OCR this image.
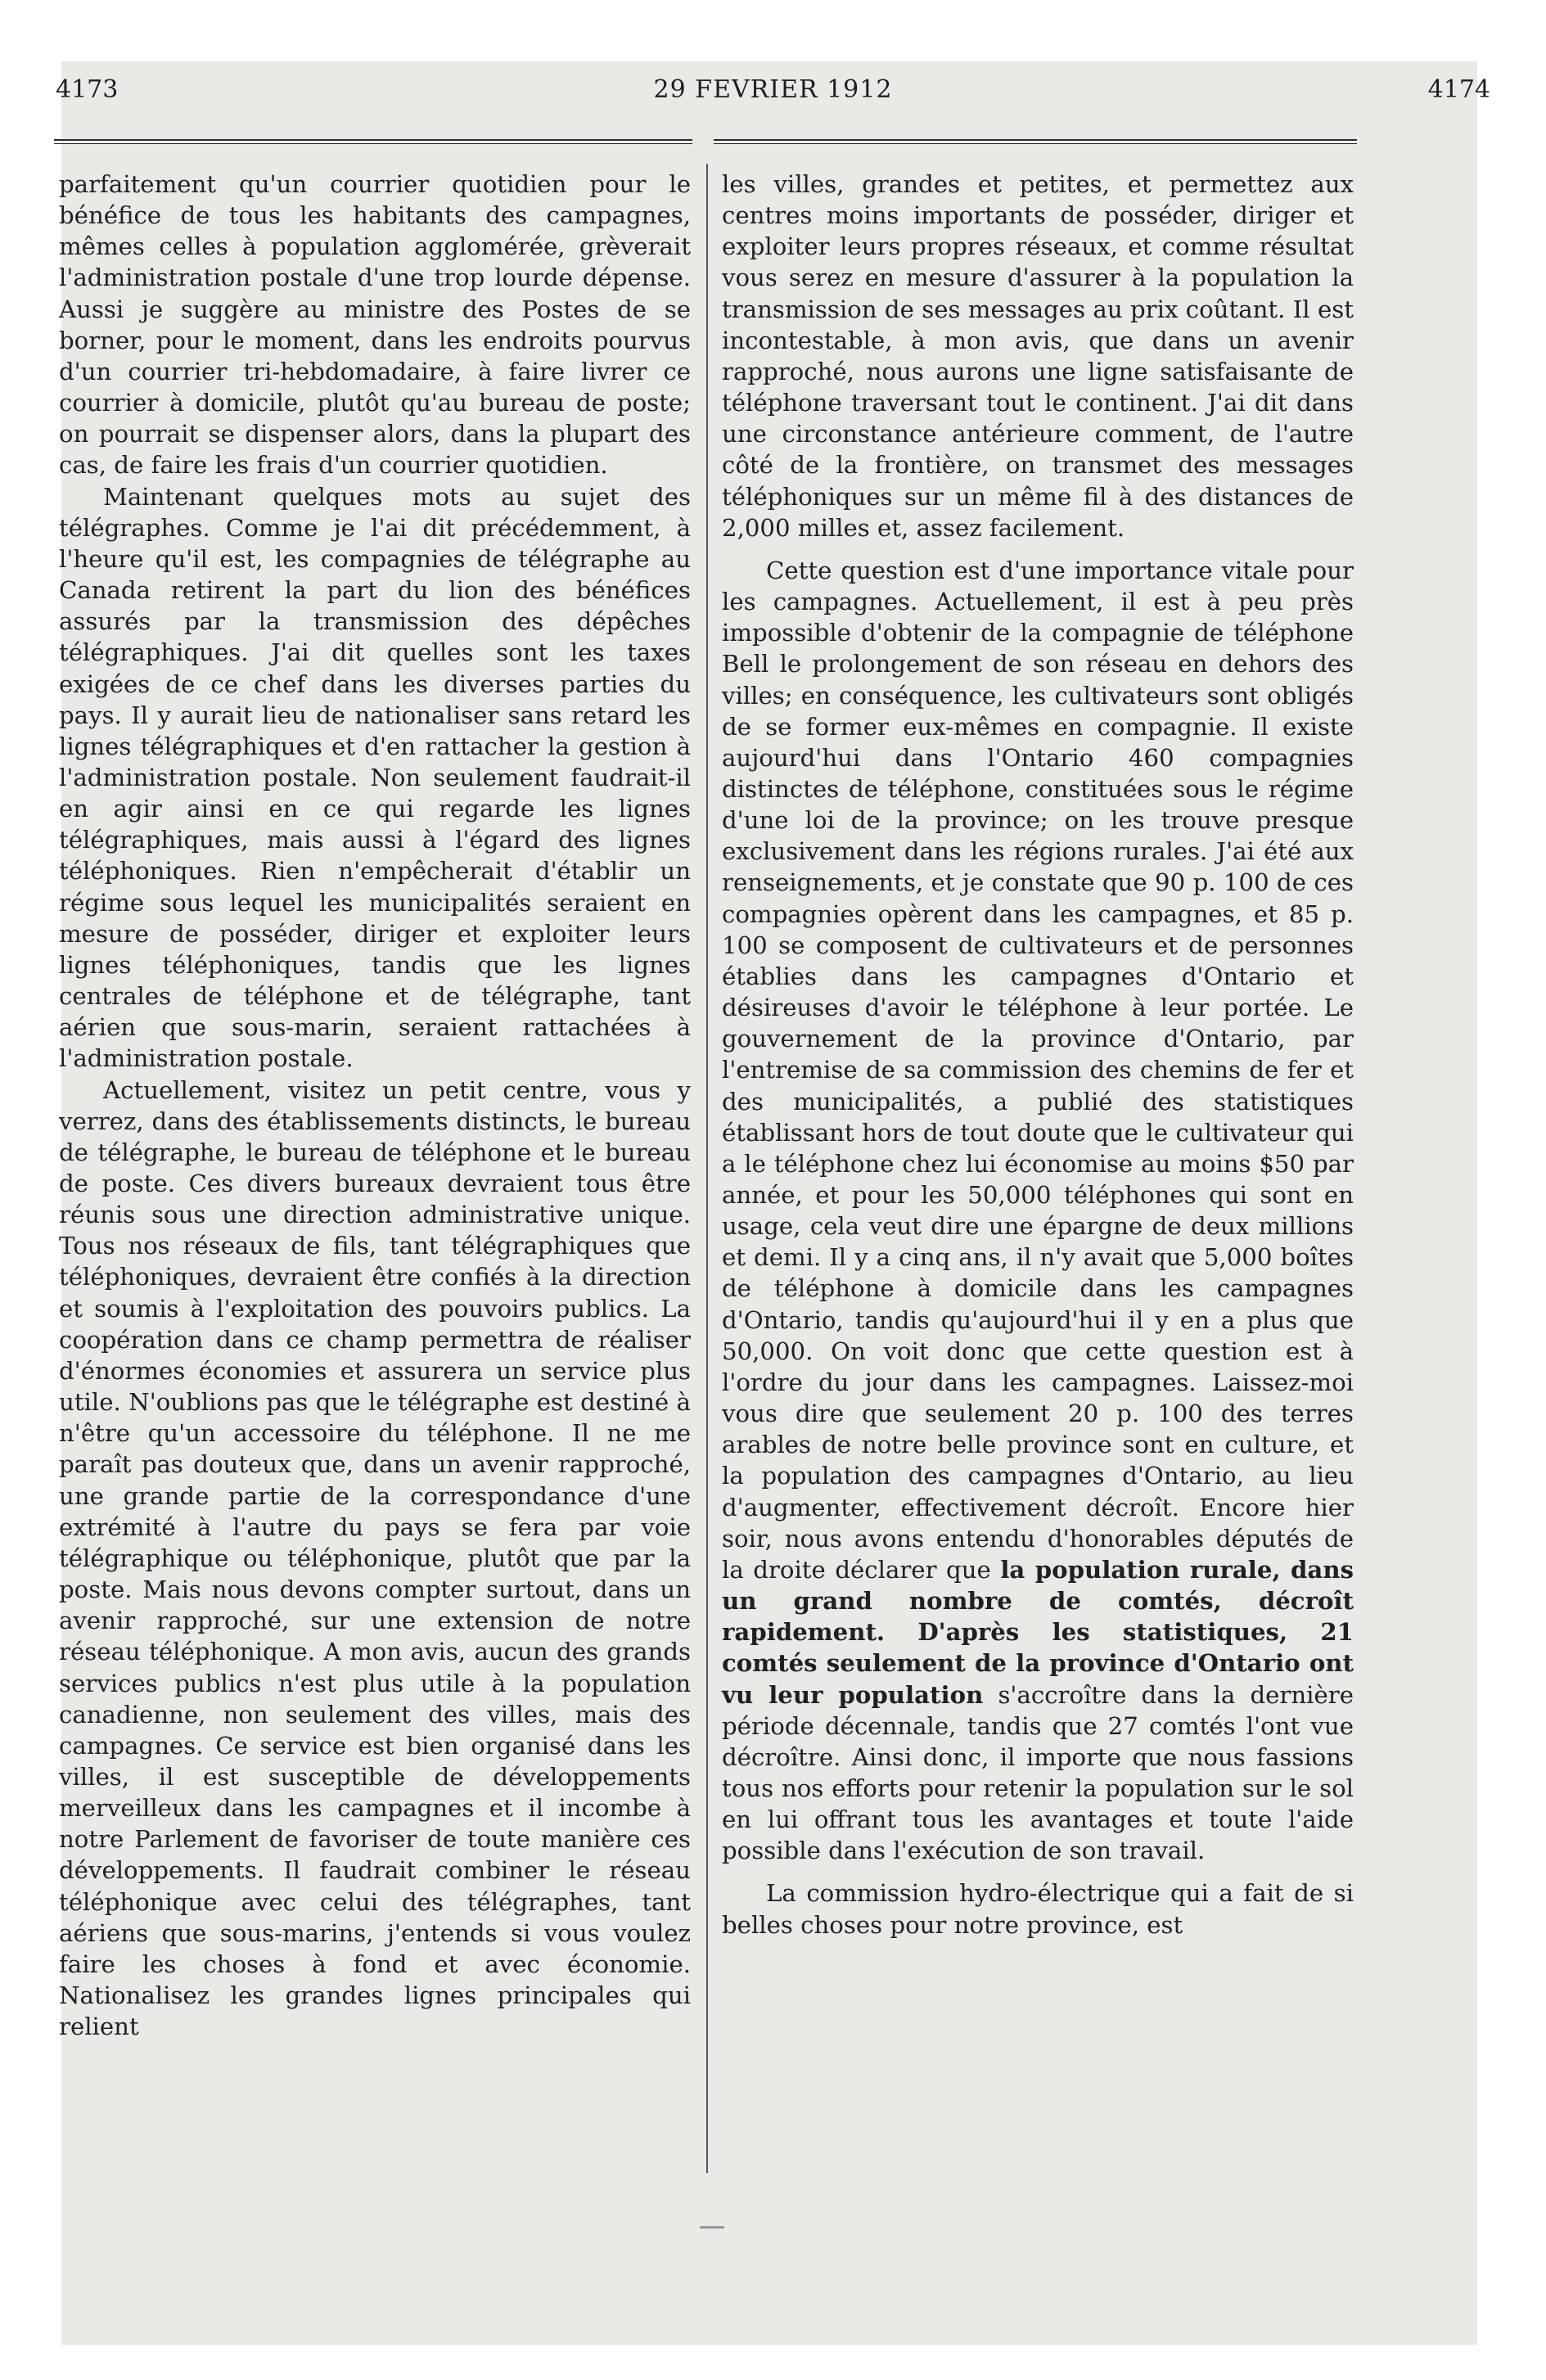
29 FEVRIER 1912
4173	4174

parfaitement qu'un courrier quotidien pour le bénéfice de tous les habitants des campagnes, mêmes celles à population agglomérée, grèverait l'administration postale d'une trop lourde dépense. Aussi je suggère au ministre des Postes de se borner, pour le moment, dans les endroits pourvus d'un courrier tri-hebdomadaire, à faire livrer ce courrier à domicile, plutôt qu'au bureau de poste; on pourrait se dispenser alors, dans la plupart des cas, de faire les frais d'un courrier quotidien.

Maintenant quelques mots au sujet des télégraphes. Comme je l'ai dit précédemment, à l'heure qu'il est, les compagnies de télégraphe au Canada retirent la part du lion des bénéfices assurés par la transmission des dépêches télégraphiques. J'ai dit quelles sont les taxes exigées de ce chef dans les diverses parties du pays. Il y aurait lieu de nationaliser sans retard les lignes télégraphiques et d'en rattacher la gestion à l'administration postale. Non seulement faudrait-il en agir ainsi en ce qui regarde les lignes télégraphiques, mais aussi à l'égard des lignes téléphoniques. Rien n'empêcherait d'établir un régime sous lequel les municipalités seraient en mesure de posséder, diriger et exploiter leurs lignes téléphoniques, tandis que les lignes centrales de téléphone et de télégraphe, tant aérien que sous-marin, seraient rattachées à l'administration postale.

Actuellement, visitez un petit centre, vous y verrez, dans des établissements distincts, le bureau de télégraphe, le bureau de téléphone et le bureau de poste. Ces divers bureaux devraient tous être réunis sous une direction administrative unique. Tous nos réseaux de fils, tant télégraphiques que téléphoniques, devraient être confiés à la direction et soumis à l'exploitation des pouvoirs publics. La coopération dans ce champ permettra de réaliser d'énormes économies et assurera un service plus utile. N'oublions pas que le télégraphe est destiné à n'être qu'un accessoire du téléphone. Il ne me paraît pas douteux que, dans un avenir rapproché, une grande partie de la correspondance d'une extrémité à l'autre du pays se fera par voie télégraphique ou téléphonique, plutôt que par la poste. Mais nous devons compter surtout, dans un avenir rapproché, sur une extension de notre réseau téléphonique. A mon avis, aucun des grands services publics n'est plus utile à la population canadienne, non seulement des villes, mais des campagnes. Ce service est bien organisé dans les villes, il est susceptible de développements merveilleux dans les campagnes et il incombe à notre Parlement de favoriser de toute manière ces développements. Il faudrait combiner le réseau téléphonique avec celui des télégraphes, tant aériens que sous-marins, j'entends si vous voulez faire les choses à fond et avec économie. Nationalisez les grandes lignes principales qui relient

les villes, grandes et petites, et permettez aux centres moins importants de posséder, diriger et exploiter leurs propres réseaux, et comme résultat vous serez en mesure d'assurer à la population la transmission de ses messages au prix coûtant. Il est incontestable, à mon avis, que dans un avenir rapproché, nous aurons une ligne satisfaisante de téléphone traversant tout le continent. J'ai dit dans une circonstance antérieure comment, de l'autre côté de la frontière, on transmet des messages téléphoniques sur un même fil à des distances de 2,000 milles et, assez facilement.

Cette question est d'une importance vitale pour les campagnes. Actuellement, il est à peu près impossible d'obtenir de la compagnie de téléphone Bell le prolongement de son réseau en dehors des villes; en conséquence, les cultivateurs sont obligés de se former eux-mêmes en compagnie. Il existe aujourd'hui dans l'Ontario 460 compagnies distinctes de téléphone, constituées sous le régime d'une loi de la province; on les trouve presque exclusivement dans les régions rurales. J'ai été aux renseignements, et je constate que 90 p. 100 de ces compagnies opèrent dans les campagnes, et 85 p. 100 se composent de cultivateurs et de personnes établies dans les campagnes d'Ontario et désireuses d'avoir le téléphone à leur portée. Le gouvernement de la province d'Ontario, par l'entremise de sa commission des chemins de fer et des municipalités, a publié des statistiques établissant hors de tout doute que le cultivateur qui a le téléphone chez lui économise au moins $50 par année, et pour les 50,000 téléphones qui sont en usage, cela veut dire une épargne de deux millions et demi. Il y a cinq ans, il n'y avait que 5,000 boîtes de téléphone à domicile dans les campagnes d'Ontario, tandis qu'aujourd'hui il y en a plus que 50,000. On voit donc que cette question est à l'ordre du jour dans les campagnes. Laissez-moi vous dire que seulement 20 p. 100 des terres arables de notre belle province sont en culture, et la population des campagnes d'Ontario, au lieu d'augmenter, effectivement décroît. Encore hier soir, nous avons entendu d'honorables députés de la droite déclarer que la population rurale, dans un grand nombre de comtés, décroît rapidement. D'après les statistiques, 21 comtés seulement de la province d'Ontario ont vu leur population s'accroître dans la dernière période décennale, tandis que 27 comtés l'ont vue décroître. Ainsi donc, il importe que nous fassions tous nos efforts pour retenir la population sur le sol en lui offrant tous les avantages et toute l'aide possible dans l'exécution de son travail.

La commission hydro-électrique qui a fait de si belles choses pour notre province, est
